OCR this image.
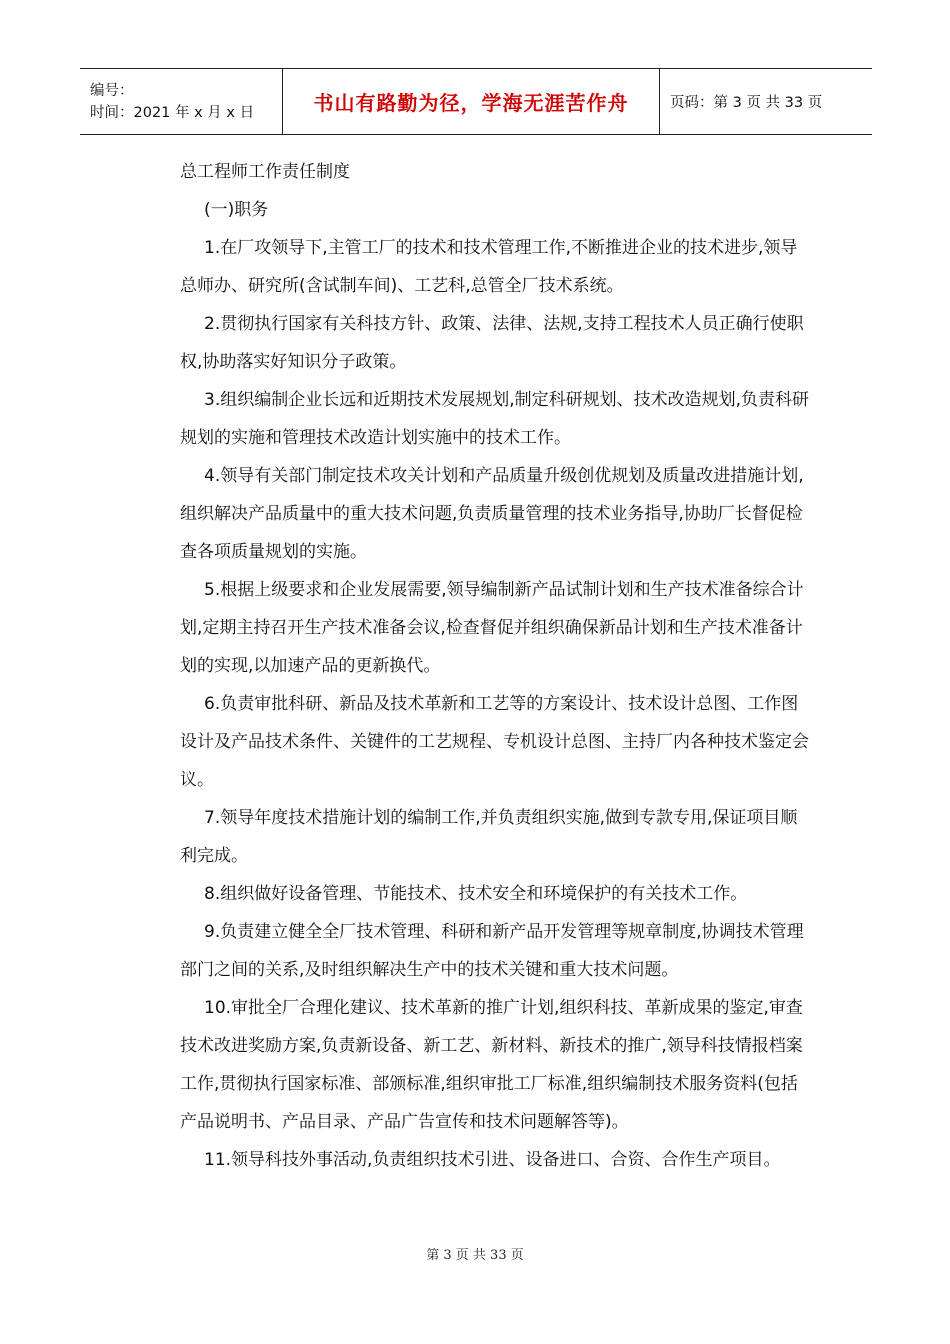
编号：
时间：2021 年 x 月 x 日	书山有路勤为径，学海无涯苦作舟	页码：第 3 页 共 33 页
总工程师工作责任制度

(一)职务

1.在厂攻领导下,主管工厂的技术和技术管理工作,不断推进企业的技术进步,领导总师办、研究所(含试制车间)、工艺科,总管全厂技术系统。

2.贯彻执行国家有关科技方针、政策、法律、法规,支持工程技术人员正确行使职权,协助落实好知识分子政策。

3.组织编制企业长远和近期技术发展规划,制定科研规划、技术改造规划,负责科研规划的实施和管理技术改造计划实施中的技术工作。

4.领导有关部门制定技术攻关计划和产品质量升级创优规划及质量改进措施计划,组织解决产品质量中的重大技术问题,负责质量管理的技术业务指导,协助厂长督促检查各项质量规划的实施。

5.根据上级要求和企业发展需要,领导编制新产品试制计划和生产技术准备综合计划,定期主持召开生产技术准备会议,检查督促并组织确保新品计划和生产技术准备计划的实现,以加速产品的更新换代。

6.负责审批科研、新品及技术革新和工艺等的方案设计、技术设计总图、工作图设计及产品技术条件、关键件的工艺规程、专机设计总图、主持厂内各种技术鉴定会议。

7.领导年度技术措施计划的编制工作,并负责组织实施,做到专款专用,保证项目顺利完成。

8.组织做好设备管理、节能技术、技术安全和环境保护的有关技术工作。

9.负责建立健全全厂技术管理、科研和新产品开发管理等规章制度,协调技术管理部门之间的关系,及时组织解决生产中的技术关键和重大技术问题。

10.审批全厂合理化建议、技术革新的推广计划,组织科技、革新成果的鉴定,审查技术改进奖励方案,负责新设备、新工艺、新材料、新技术的推广,领导科技情报档案工作,贯彻执行国家标准、部颁标准,组织审批工厂标准,组织编制技术服务资料(包括产品说明书、产品目录、产品广告宣传和技术问题解答等)。

11.领导科技外事活动,负责组织技术引进、设备进口、合资、合作生产项目。

第 3 页 共 33 页
